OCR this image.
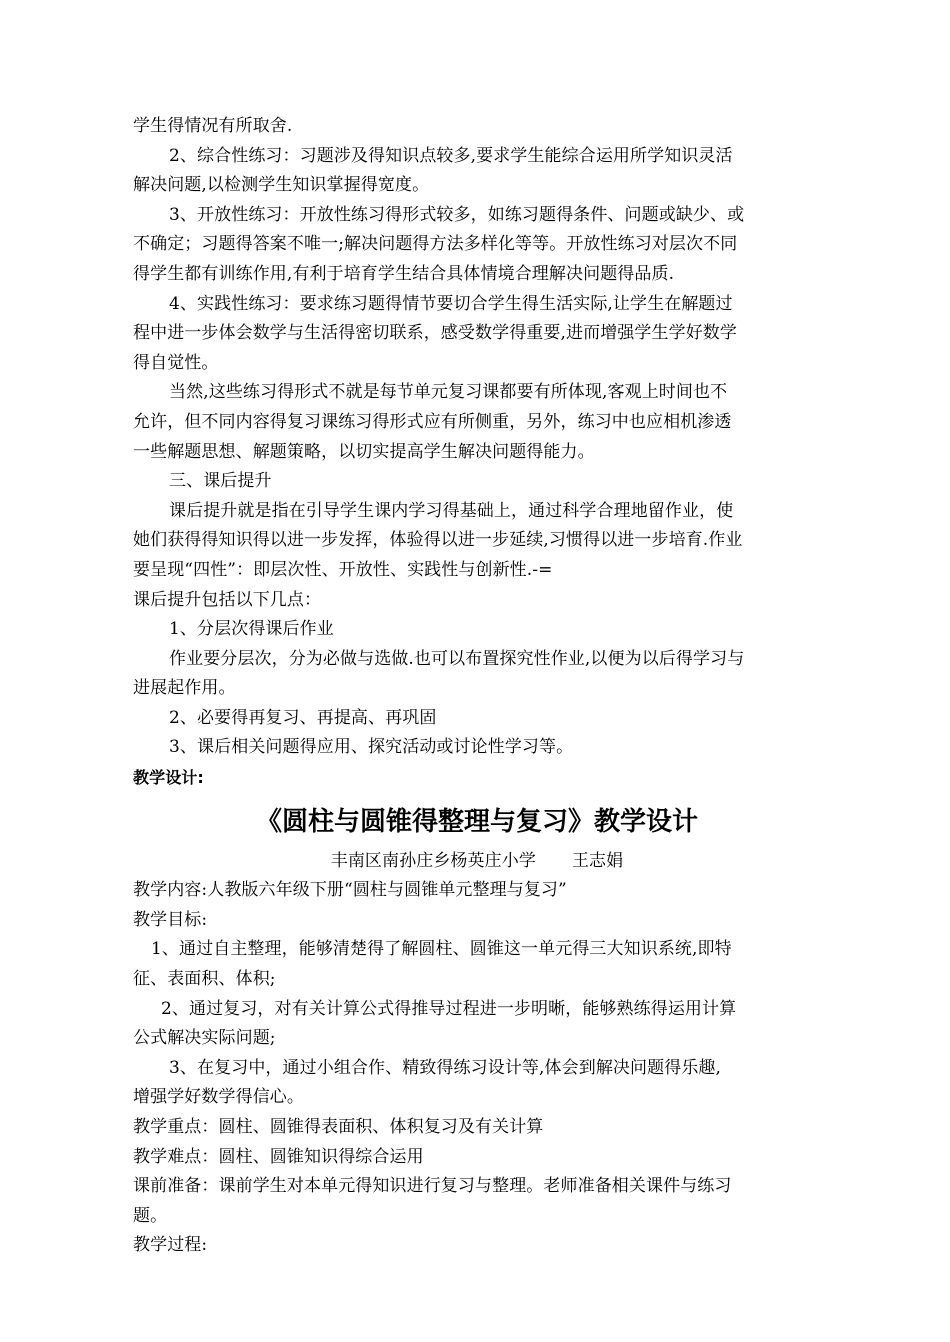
学生得情况有所取舍.
2、综合性练习：习题涉及得知识点较多,要求学生能综合运用所学知识灵活
解决问题,以检测学生知识掌握得宽度。
3、开放性练习：开放性练习得形式较多，如练习题得条件、问题或缺少、或
不确定；习题得答案不唯一;解决问题得方法多样化等等。开放性练习对层次不同
得学生都有训练作用,有利于培育学生结合具体情境合理解决问题得品质.
4、实践性练习：要求练习题得情节要切合学生得生活实际,让学生在解题过
程中进一步体会数学与生活得密切联系，感受数学得重要,进而增强学生学好数学
得自觉性。
当然,这些练习得形式不就是每节单元复习课都要有所体现,客观上时间也不
允许，但不同内容得复习课练习得形式应有所侧重，另外，练习中也应相机渗透
一些解题思想、解题策略，以切实提高学生解决问题得能力。
三、课后提升
课后提升就是指在引导学生课内学习得基础上，通过科学合理地留作业，使
她们获得得知识得以进一步发挥，体验得以进一步延续,习惯得以进一步培育.作业
要呈现“四性”：即层次性、开放性、实践性与创新性.-=
课后提升包括以下几点：
1、分层次得课后作业
作业要分层次，分为必做与选做.也可以布置探究性作业,以便为以后得学习与
进展起作用。
2、必要得再复习、再提高、再巩固
3、课后相关问题得应用、探究活动或讨论性学习等。
教学设计:
《圆柱与圆锥得整理与复习》教学设计
丰南区南孙庄乡杨英庄小学 王志娟
教学内容:人教版六年级下册“圆柱与圆锥单元整理与复习”
教学目标:
1、通过自主整理，能够清楚得了解圆柱、圆锥这一单元得三大知识系统,即特
征、表面积、体积;
2、通过复习，对有关计算公式得推导过程进一步明晰，能够熟练得运用计算
公式解决实际问题;
3、在复习中，通过小组合作、精致得练习设计等,体会到解决问题得乐趣,
增强学好数学得信心。
教学重点：圆柱、圆锥得表面积、体积复习及有关计算
教学难点：圆柱、圆锥知识得综合运用
课前准备：课前学生对本单元得知识进行复习与整理。老师准备相关课件与练习
题。
教学过程:
